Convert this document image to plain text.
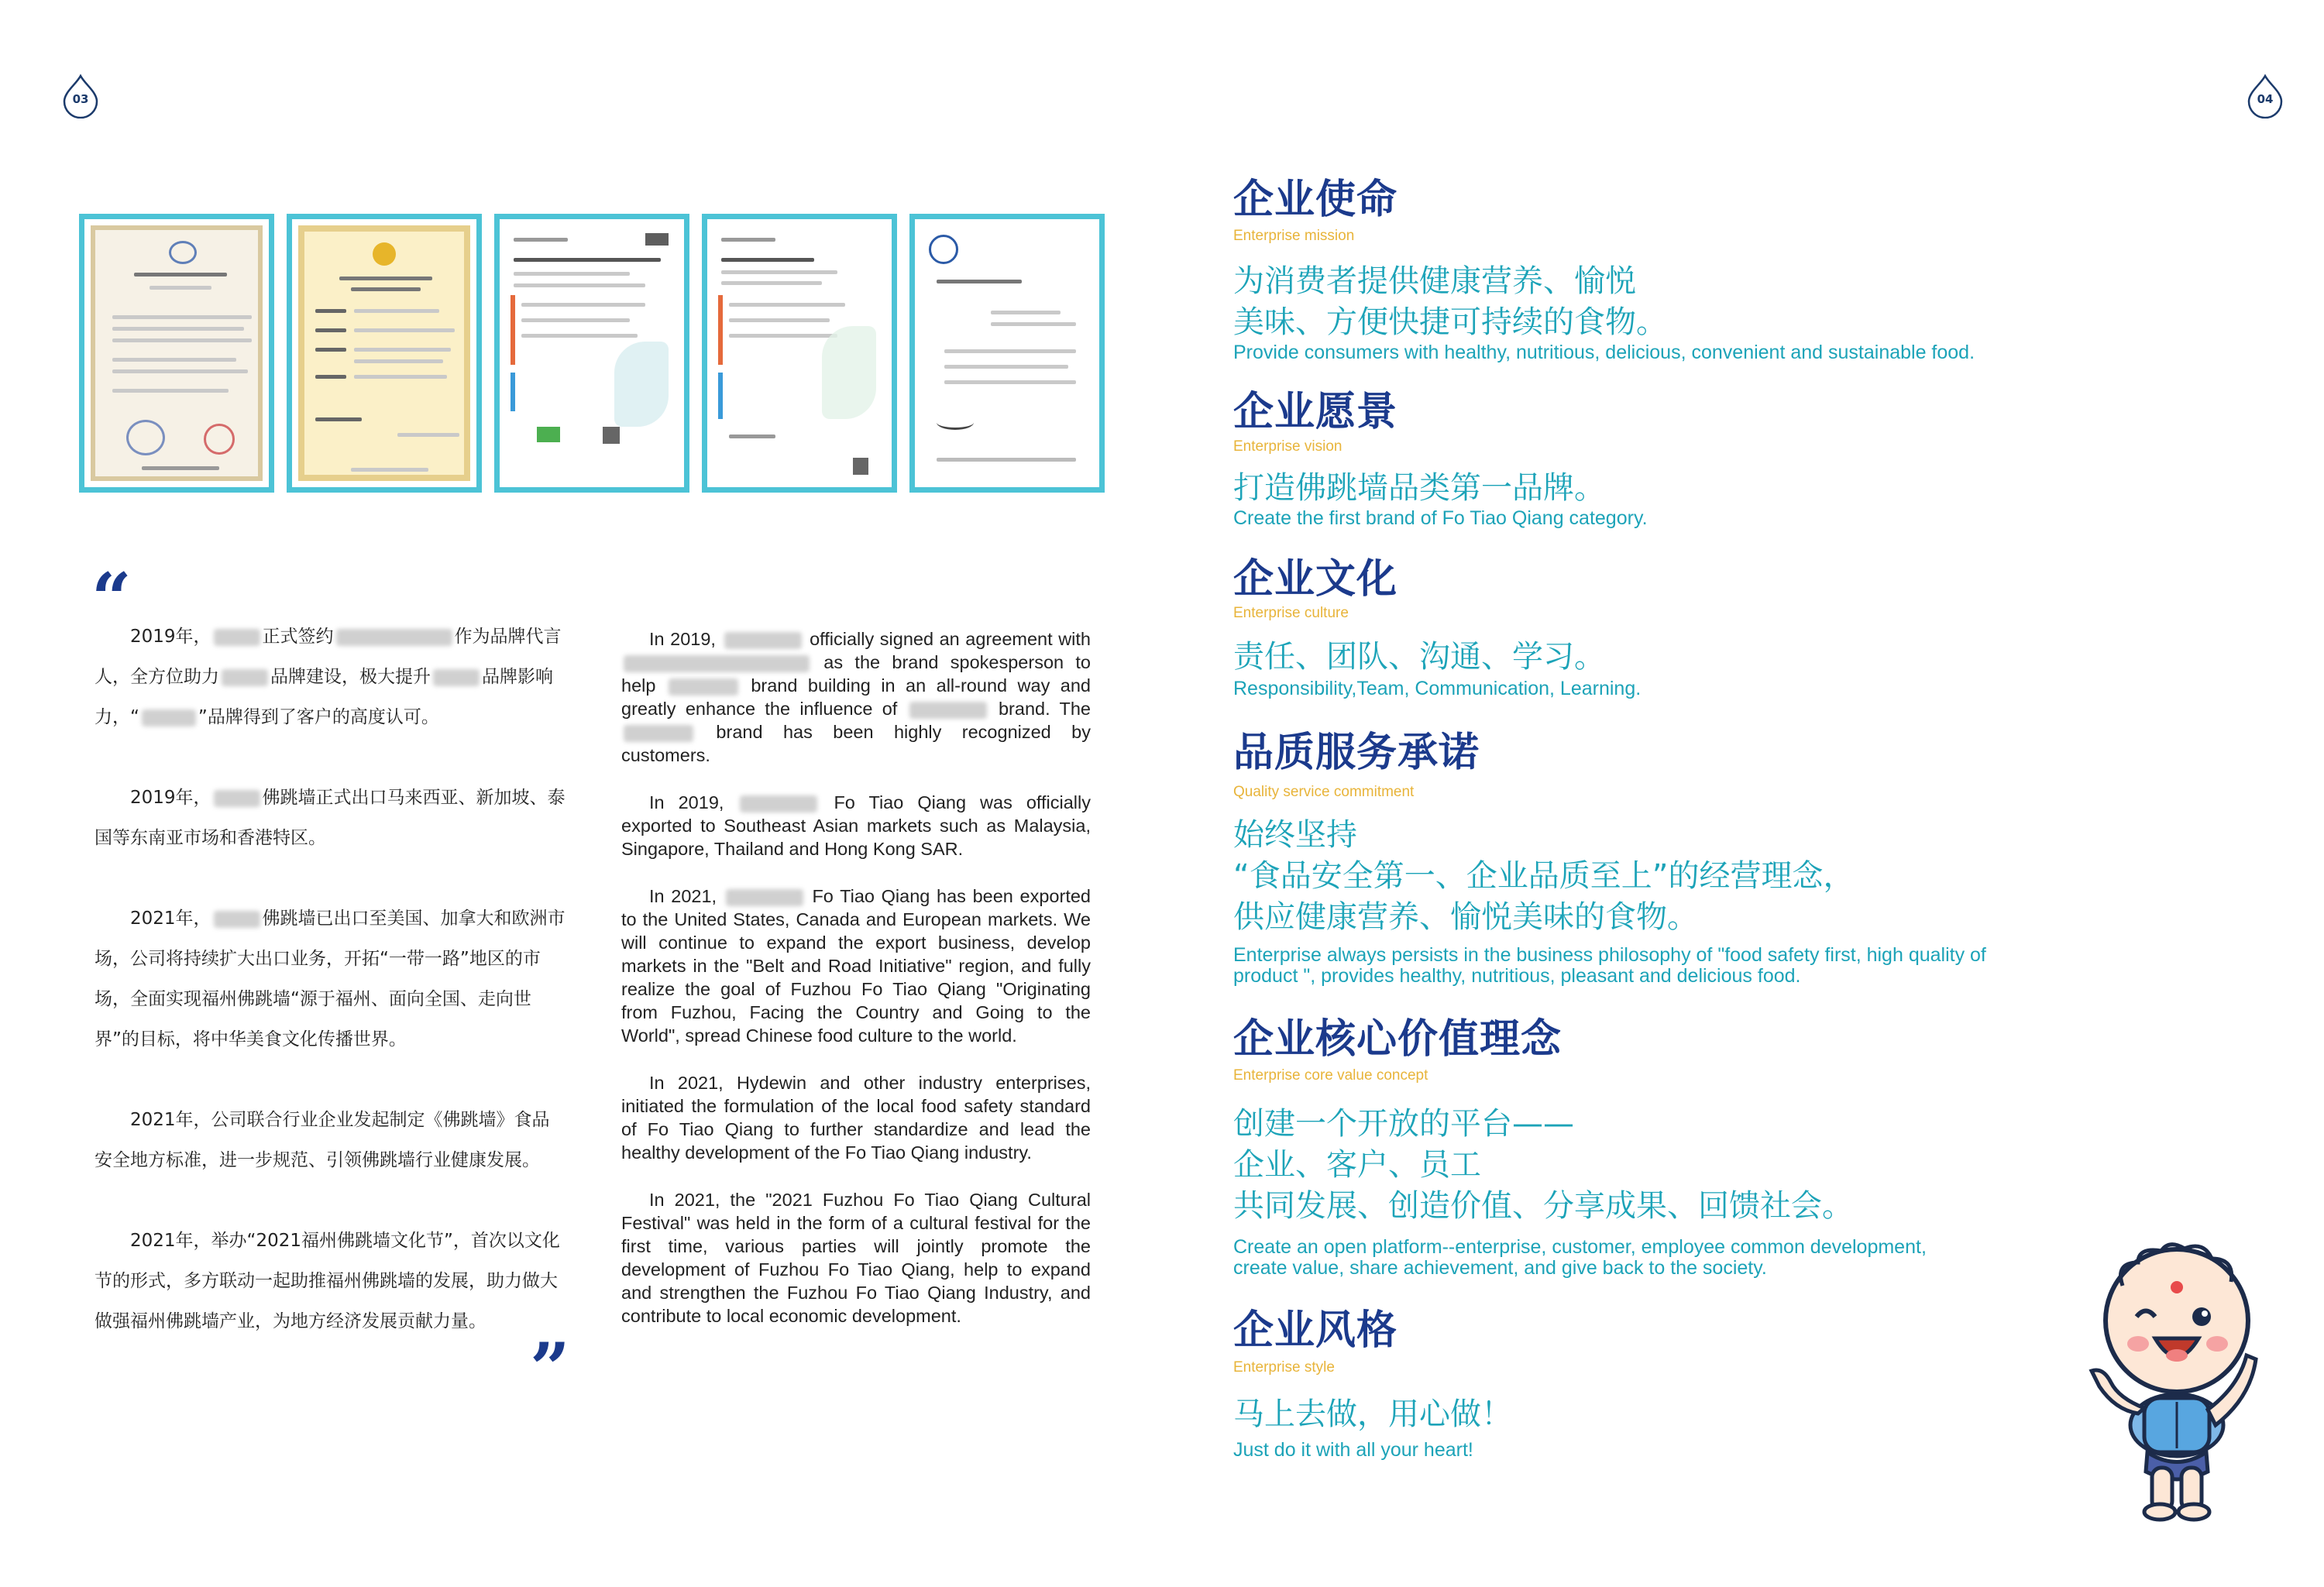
03	04
“
”

2019年，	正式签约	作为品牌代言人，全方位助力	品牌建设，极大提升	品牌影响力，“	”品牌得到了客户的高度认可。

2019年，	佛跳墙正式出口马来西亚、新加坡、泰国等东南亚市场和香港特区。

2021年，	佛跳墙已出口至美国、加拿大和欧洲市场，公司将持续扩大出口业务，开拓“一带一路”地区的市场，全面实现福州佛跳墙“源于福州、面向全国、走向世界”的目标，将中华美食文化传播世界。

2021年，公司联合行业企业发起制定《佛跳墙》食品安全地方标准，进一步规范、引领佛跳墙行业健康发展。

2021年，举办“2021福州佛跳墙文化节”，首次以文化节的形式，多方联动一起助推福州佛跳墙的发展，助力做大做强福州佛跳墙产业，为地方经济发展贡献力量。

In 2019,	officially signed an agreement with  as the brand spokesperson to help	brand building in an all-round way and greatly enhance the influence of	brand. The  brand has been highly recognized by customers.

In 2019,	Fo Tiao Qiang was officially exported to Southeast Asian markets such as Malaysia, Singapore, Thailand and Hong Kong SAR.

In 2021,	Fo Tiao Qiang has been exported to the United States, Canada and European markets. We will continue to expand the export business, develop markets in the "Belt and Road Initiative" region, and fully realize the goal of Fuzhou Fo Tiao Qiang "Originating from Fuzhou, Facing the Country and Going to the World", spread Chinese food culture to the world.

In 2021, Hydewin and other industry enterprises, initiated the formulation of the local food safety standard of Fo Tiao Qiang to further standardize and lead the healthy development of the Fo Tiao Qiang industry.

In 2021, the "2021 Fuzhou Fo Tiao Qiang Cultural Festival" was held in the form of a cultural festival for the first time, various parties will jointly promote the development of Fuzhou Fo Tiao Qiang, help to expand and strengthen the Fuzhou Fo Tiao Qiang Industry, and contribute to local economic development.

企业使命
Enterprise mission
为消费者提供健康营养、愉悦
美味、方便快捷可持续的食物。
Provide consumers with healthy, nutritious, delicious, convenient and sustainable food.
企业愿景
Enterprise vision
打造佛跳墙品类第一品牌。
Create the first brand of Fo Tiao Qiang category.
企业文化
Enterprise culture
责任、团队、沟通、学习。
Responsibility,Team, Communication, Learning.
品质服务承诺
Quality service commitment
始终坚持
“食品安全第一、企业品质至上”的经营理念，
供应健康营养、愉悦美味的食物。
Enterprise always persists in the business philosophy of "food safety first, high quality of
product ", provides healthy, nutritious, pleasant and delicious food.
企业核心价值理念
Enterprise core value concept
创建一个开放的平台——
企业、客户、员工
共同发展、创造价值、分享成果、回馈社会。
Create an open platform--enterprise, customer, employee common development,
create value, share achievement, and give back to the society.
企业风格
Enterprise style
马上去做，用心做！
Just do it with all your heart!
